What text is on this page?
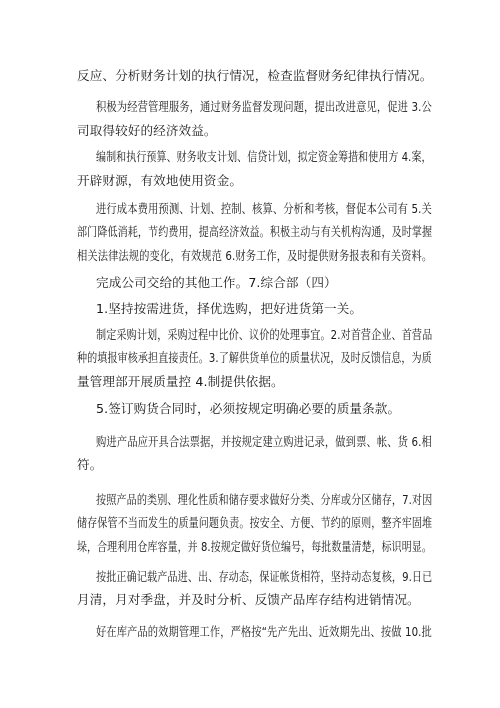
反应、分析财务计划的执行情况，检查监督财务纪律执行情况。
积极为经营管理服务，通过财务监督发现问题，提出改进意见，促进 3.公
司取得较好的经济效益。
编制和执行预算、财务收支计划、信贷计划，拟定资金筹措和使用方 4.案，
开辟财源，有效地使用资金。
进行成本费用预测、计划、控制、核算、分析和考核，督促本公司有 5.关
部门降低消耗，节约费用，提高经济效益。积极主动与有关机构沟通，及时掌握
相关法律法规的变化，有效规范 6.财务工作，及时提供财务报表和有关资料。
完成公司交给的其他工作。7.综合部（四）
1.坚持按需进货，择优选购，把好进货第一关。
制定采购计划，采购过程中比价、议价的处理事宜。2.对首营企业、首营品
种的填报审核承担直接责任。3.了解供货单位的质量状况，及时反馈信息，为质
量管理部开展质量控 4.制提供依据。
5.签订购货合同时，必须按规定明确必要的质量条款。
购进产品应开具合法票据，并按规定建立购进记录，做到票、帐、货 6.相
符。
按照产品的类别、理化性质和储存要求做好分类、分库或分区储存，7.对因
储存保管不当而发生的质量问题负责。按安全、方便、节约的原则，整齐牢固堆
垛，合理利用仓库容量，并 8.按规定做好货位编号，每批数量清楚，标识明显。
按批正确记载产品进、出、存动态，保证帐货相符，坚持动态复核，9.日已
月清，月对季盘，并及时分析、反馈产品库存结构进销情况。
好在库产品的效期管理工作，严格按“先产先出、近效期先出、按做 10.批
